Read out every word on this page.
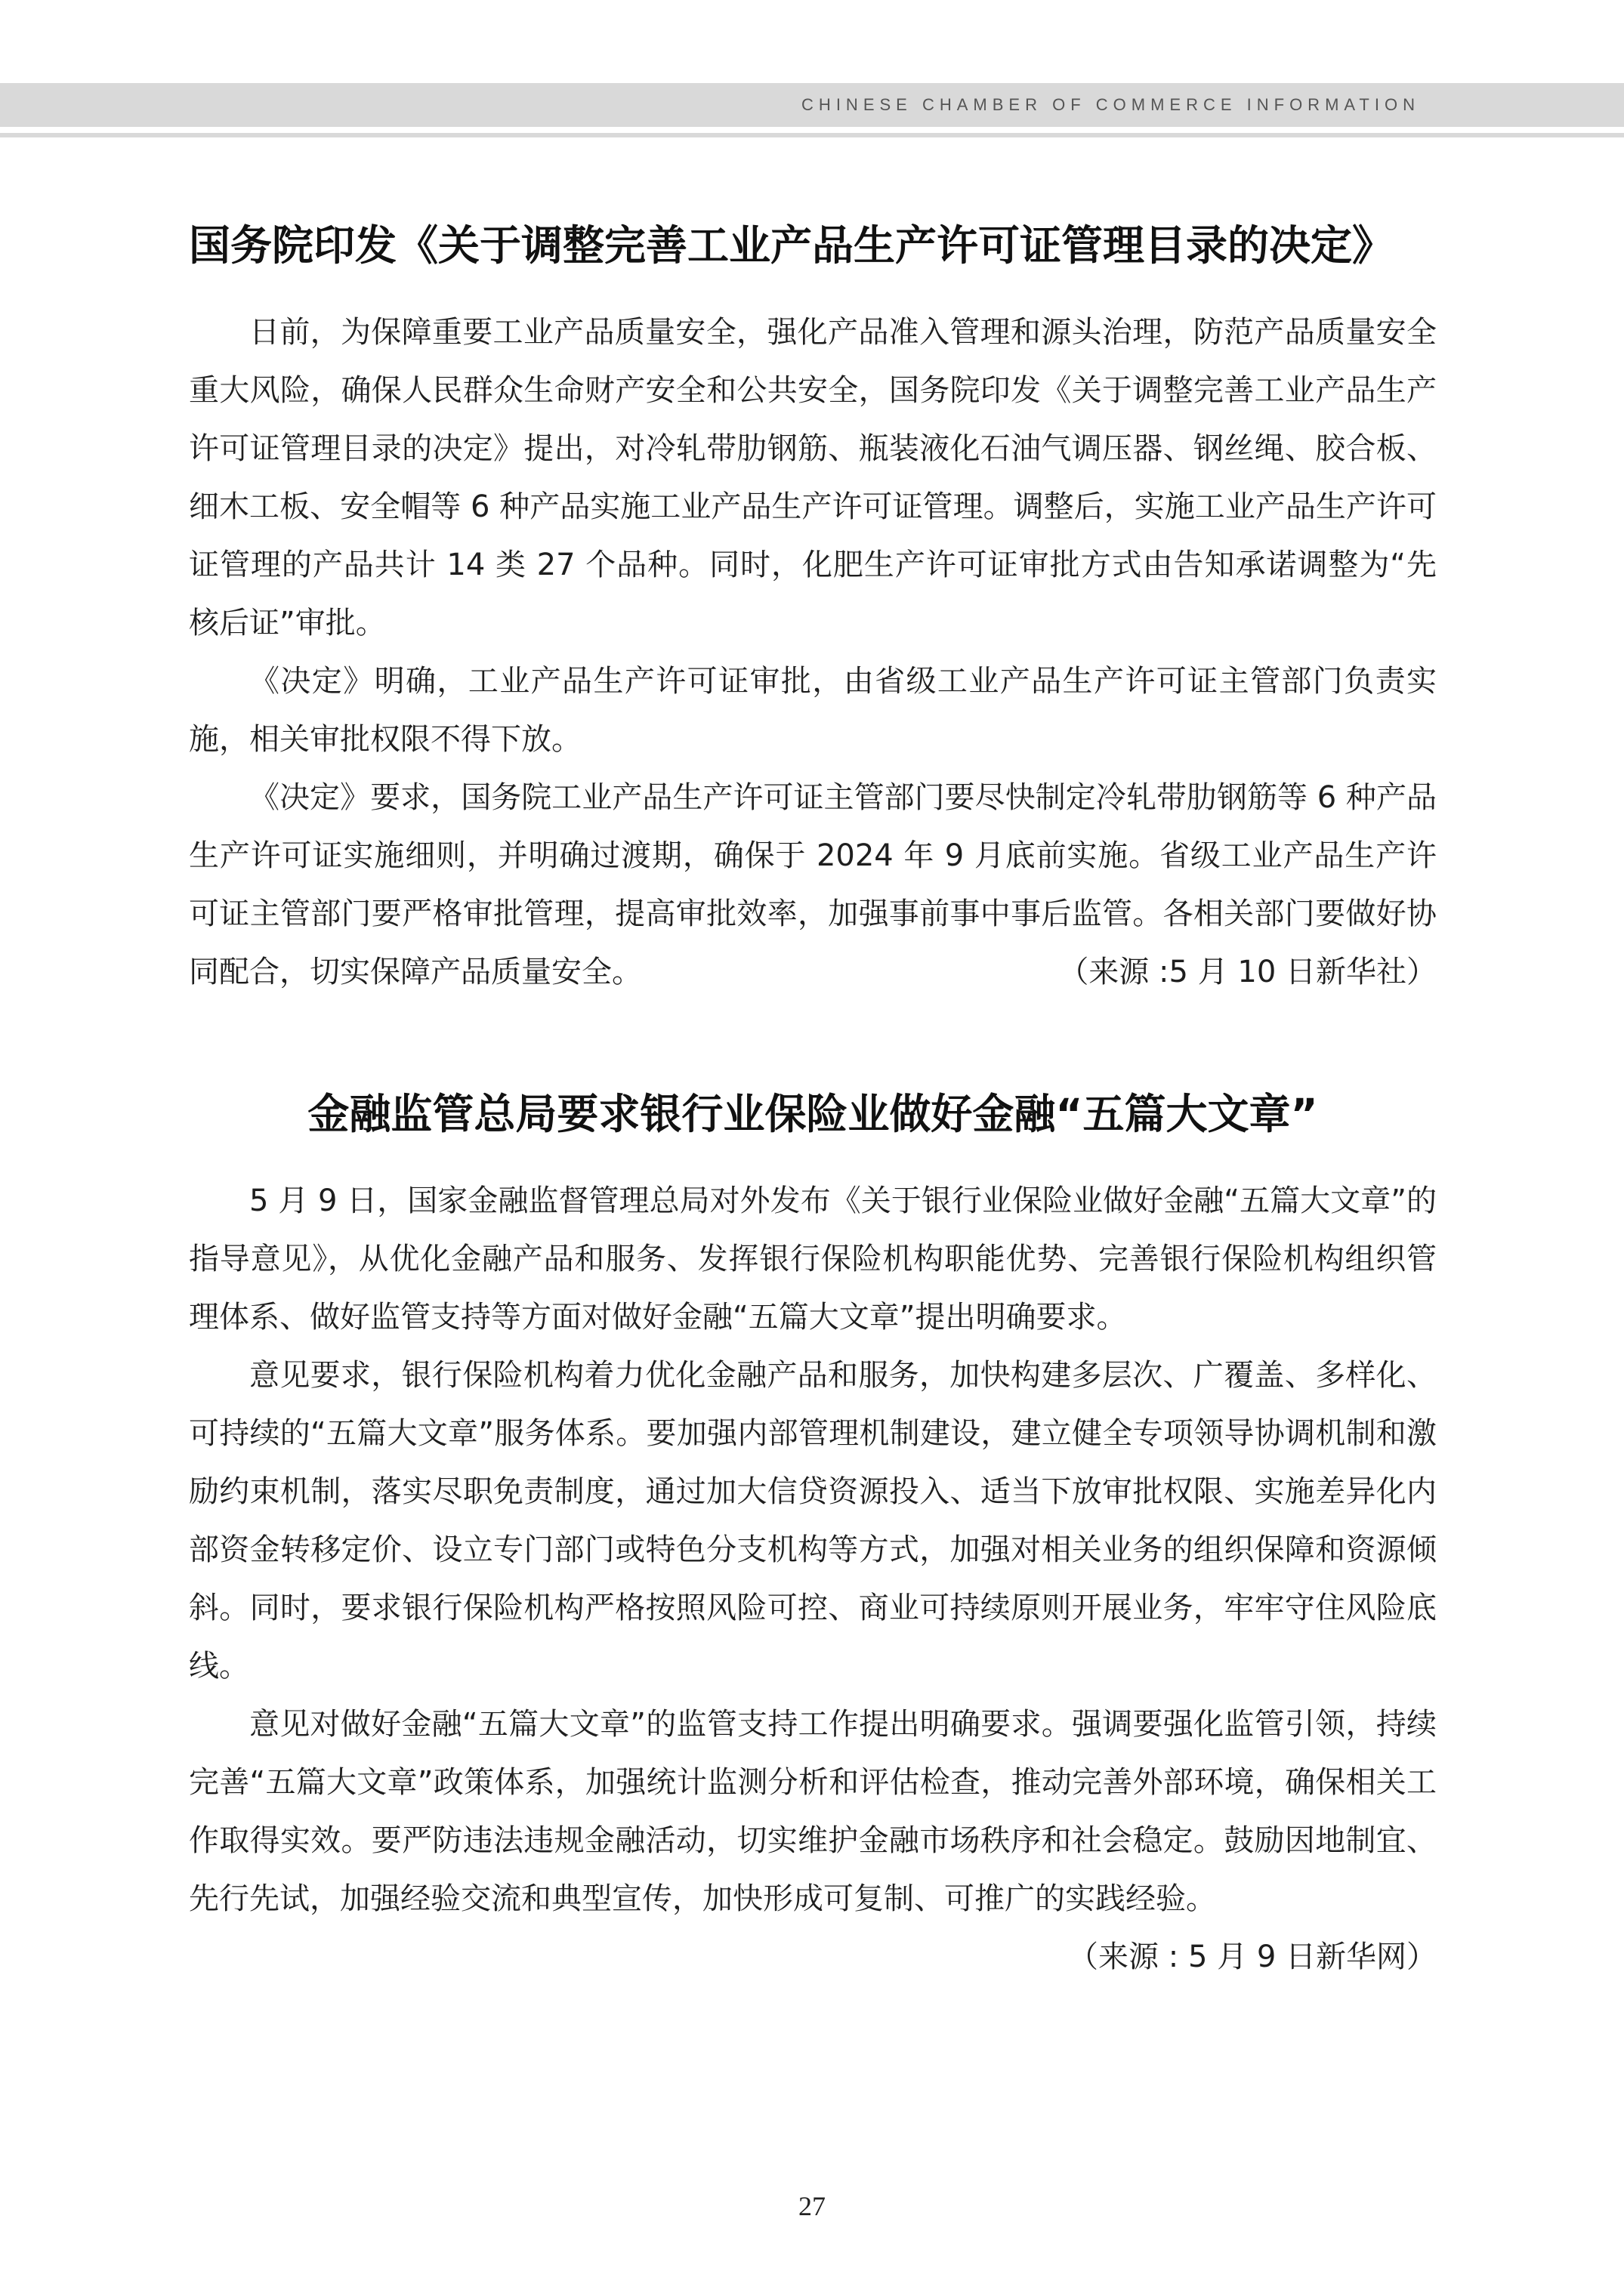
CHINESE CHAMBER OF COMMERCE INFORMATION
国务院印发《关于调整完善工业产品生产许可证管理目录的决定》

日前，为保障重要工业产品质量安全，强化产品准入管理和源头治理，防范产品质量安全重大风险，确保人民群众生命财产安全和公共安全，国务院印发《关于调整完善工业产品生产许可证管理目录的决定》提出，对冷轧带肋钢筋、瓶装液化石油气调压器、钢丝绳、胶合板、细木工板、安全帽等 6 种产品实施工业产品生产许可证管理。调整后，实施工业产品生产许可证管理的产品共计 14 类 27 个品种。同时，化肥生产许可证审批方式由告知承诺调整为“先核后证”审批。

《决定》明确，工业产品生产许可证审批，由省级工业产品生产许可证主管部门负责实施，相关审批权限不得下放。

《决定》要求，国务院工业产品生产许可证主管部门要尽快制定冷轧带肋钢筋等 6 种产品生产许可证实施细则，并明确过渡期，确保于 2024 年 9 月底前实施。省级工业产品生产许可证主管部门要严格审批管理，提高审批效率，加强事前事中事后监管。各相关部门要做好协同配合，切实保障产品质量安全。	（来源 :5 月 10 日新华社）

金融监管总局要求银行业保险业做好金融“五篇大文章”

5 月 9 日，国家金融监督管理总局对外发布《关于银行业保险业做好金融“五篇大文章”的指导意见》，从优化金融产品和服务、发挥银行保险机构职能优势、完善银行保险机构组织管理体系、做好监管支持等方面对做好金融“五篇大文章”提出明确要求。

意见要求，银行保险机构着力优化金融产品和服务，加快构建多层次、广覆盖、多样化、可持续的“五篇大文章”服务体系。要加强内部管理机制建设，建立健全专项领导协调机制和激励约束机制，落实尽职免责制度，通过加大信贷资源投入、适当下放审批权限、实施差异化内部资金转移定价、设立专门部门或特色分支机构等方式，加强对相关业务的组织保障和资源倾斜。同时，要求银行保险机构严格按照风险可控、商业可持续原则开展业务，牢牢守住风险底线。

意见对做好金融“五篇大文章”的监管支持工作提出明确要求。强调要强化监管引领，持续完善“五篇大文章”政策体系，加强统计监测分析和评估检查，推动完善外部环境，确保相关工作取得实效。要严防违法违规金融活动，切实维护金融市场秩序和社会稳定。鼓励因地制宜、先行先试，加强经验交流和典型宣传，加快形成可复制、可推广的实践经验。

（来源 : 5 月 9 日新华网）

27
